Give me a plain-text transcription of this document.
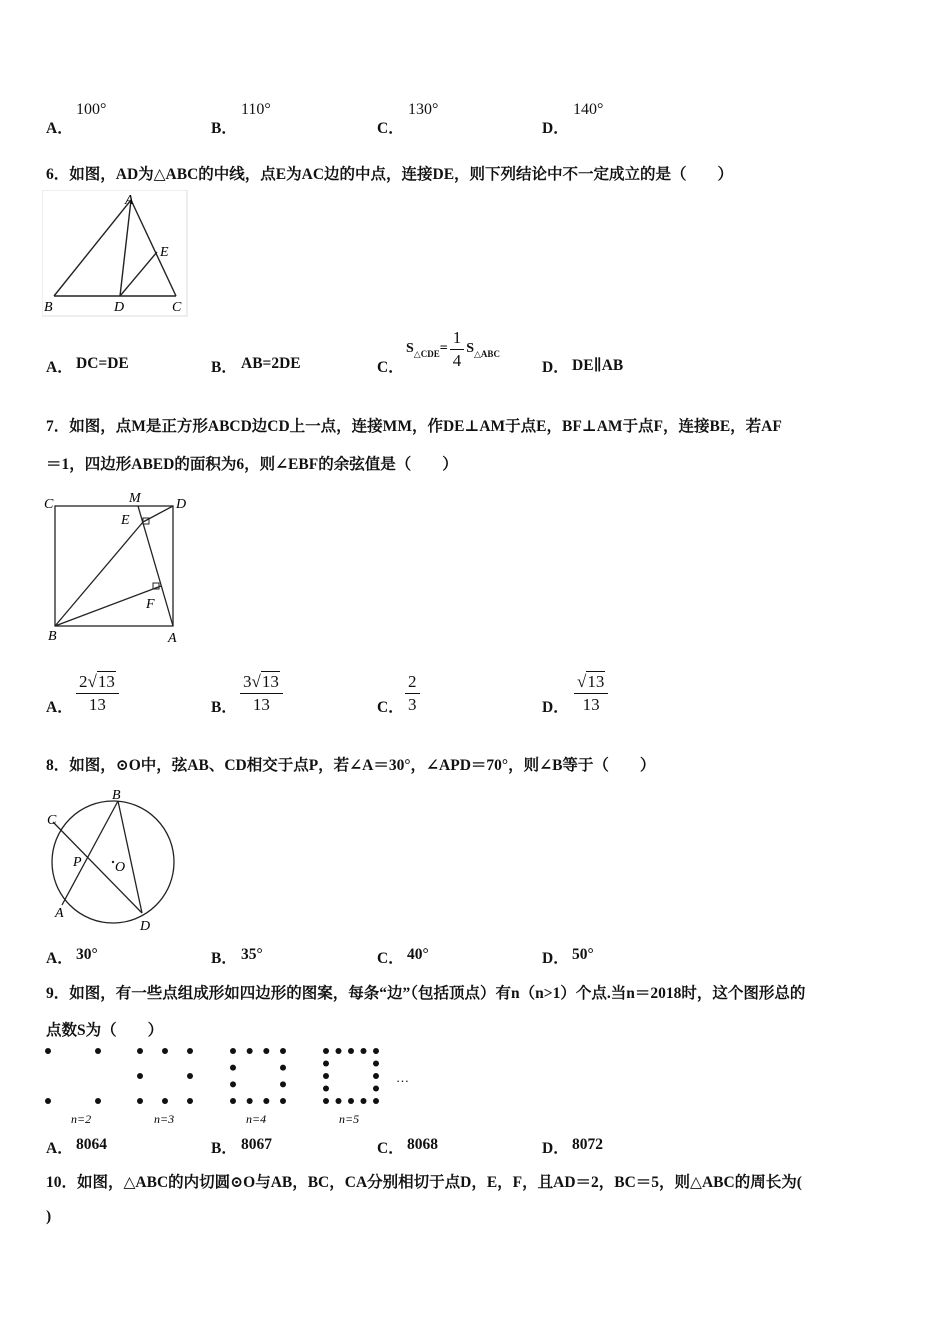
A．
100°
B．
110°
C．
130°
D．
140°
6．如图，AD为△ABC的中线，点E为AC边的中点，连接DE，则下列结论中不一定成立的是（　　）
A
E
B	D	C
A． DC=DE	B． AB=2DE	C．
S △CDE = $\frac{1}{4}$ S △ABC
D． DE∥AB
7．如图，点M是正方形ABCD边CD上一点，连接MM，作DE⊥AM于点E，BF⊥AM于点F，连接BE，若AF
＝1，四边形ABED的面积为6，则∠EBF的余弦值是（　　）
C	M	D
E
F
B	A
A． $\frac{2√13}{13}$	B． $\frac{3√13}{13}$	C． $\frac{2}{3}$	D． $\frac{√13}{13}$
8．如图，⊙O中，弦AB、CD相交于点P，若∠A＝30°，∠APD＝70°，则∠B等于（　　）
B
C
P O
A
D
A． 30°	B． 35°	C． 40°	D． 50°
9．如图，有一些点组成形如四边形的图案，每条“边”（包括顶点）有n（n>1）个点.当n＝2018时，这个图形总的
点数S为（　　）
n=2	n=3	n=4	n=5
…
A． 8064	B． 8067	C． 8068	D． 8072
10．如图，△ABC的内切圆⊙O与AB，BC，CA分别相切于点D，E，F，且AD＝2，BC＝5，则△ABC的周长为(
)
